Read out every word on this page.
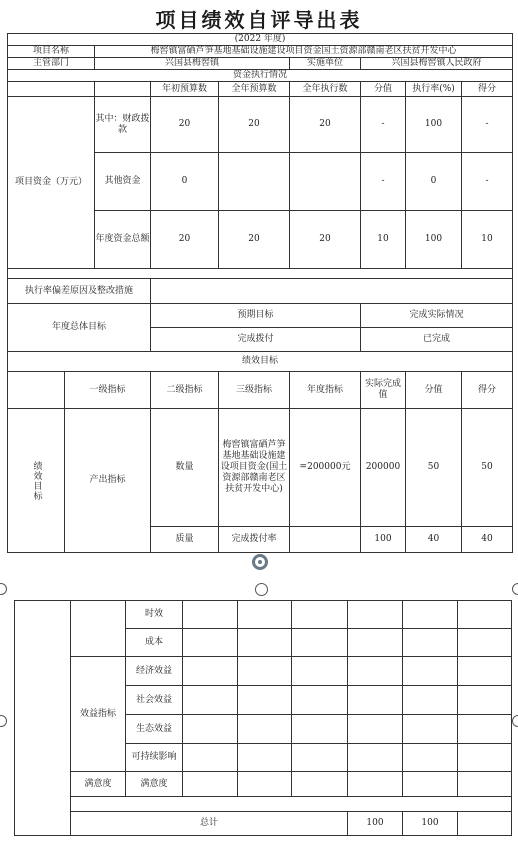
项目绩效自评导出表
(2022 年度)								
项目名称		梅窖镇富硒芦笋基地基础设施建设项目资金国土资源部赣南老区扶贫开发中心						
主管部门		兴国县梅窖镇			实施单位	兴国县梅窖镇人民政府		
资金执行情况								
			年初预算数	全年预算数	全年执行数	分值	执行率(%)	得分
项目资金（万元）		其中：财政拨款	20	20	20	-	100	-
		其他资金	0			-	0	-
		年度资金总额	20	20	20	10	100	10

执行率偏差原因及整改措施								
年度总体目标			预期目标			完成实际情况		
			完成拨付			已完成		
绩效目标								
	一级指标		二级指标	三级指标	年度指标	实际完成值	分值	得分

绩效目标	产出指标		数量	梅窖镇富硒芦笋基地基础设施建设项目资金(国土资源部赣南老区扶贫开发中心)	=200000元	200000	50	50
			质量	完成拨付率		100	40	40
		时效						
		成本						
	效益指标	经济效益						
		社会效益						
		生态效益						
		可持续影响						
	满意度	满意度						

	总计					100	100	
